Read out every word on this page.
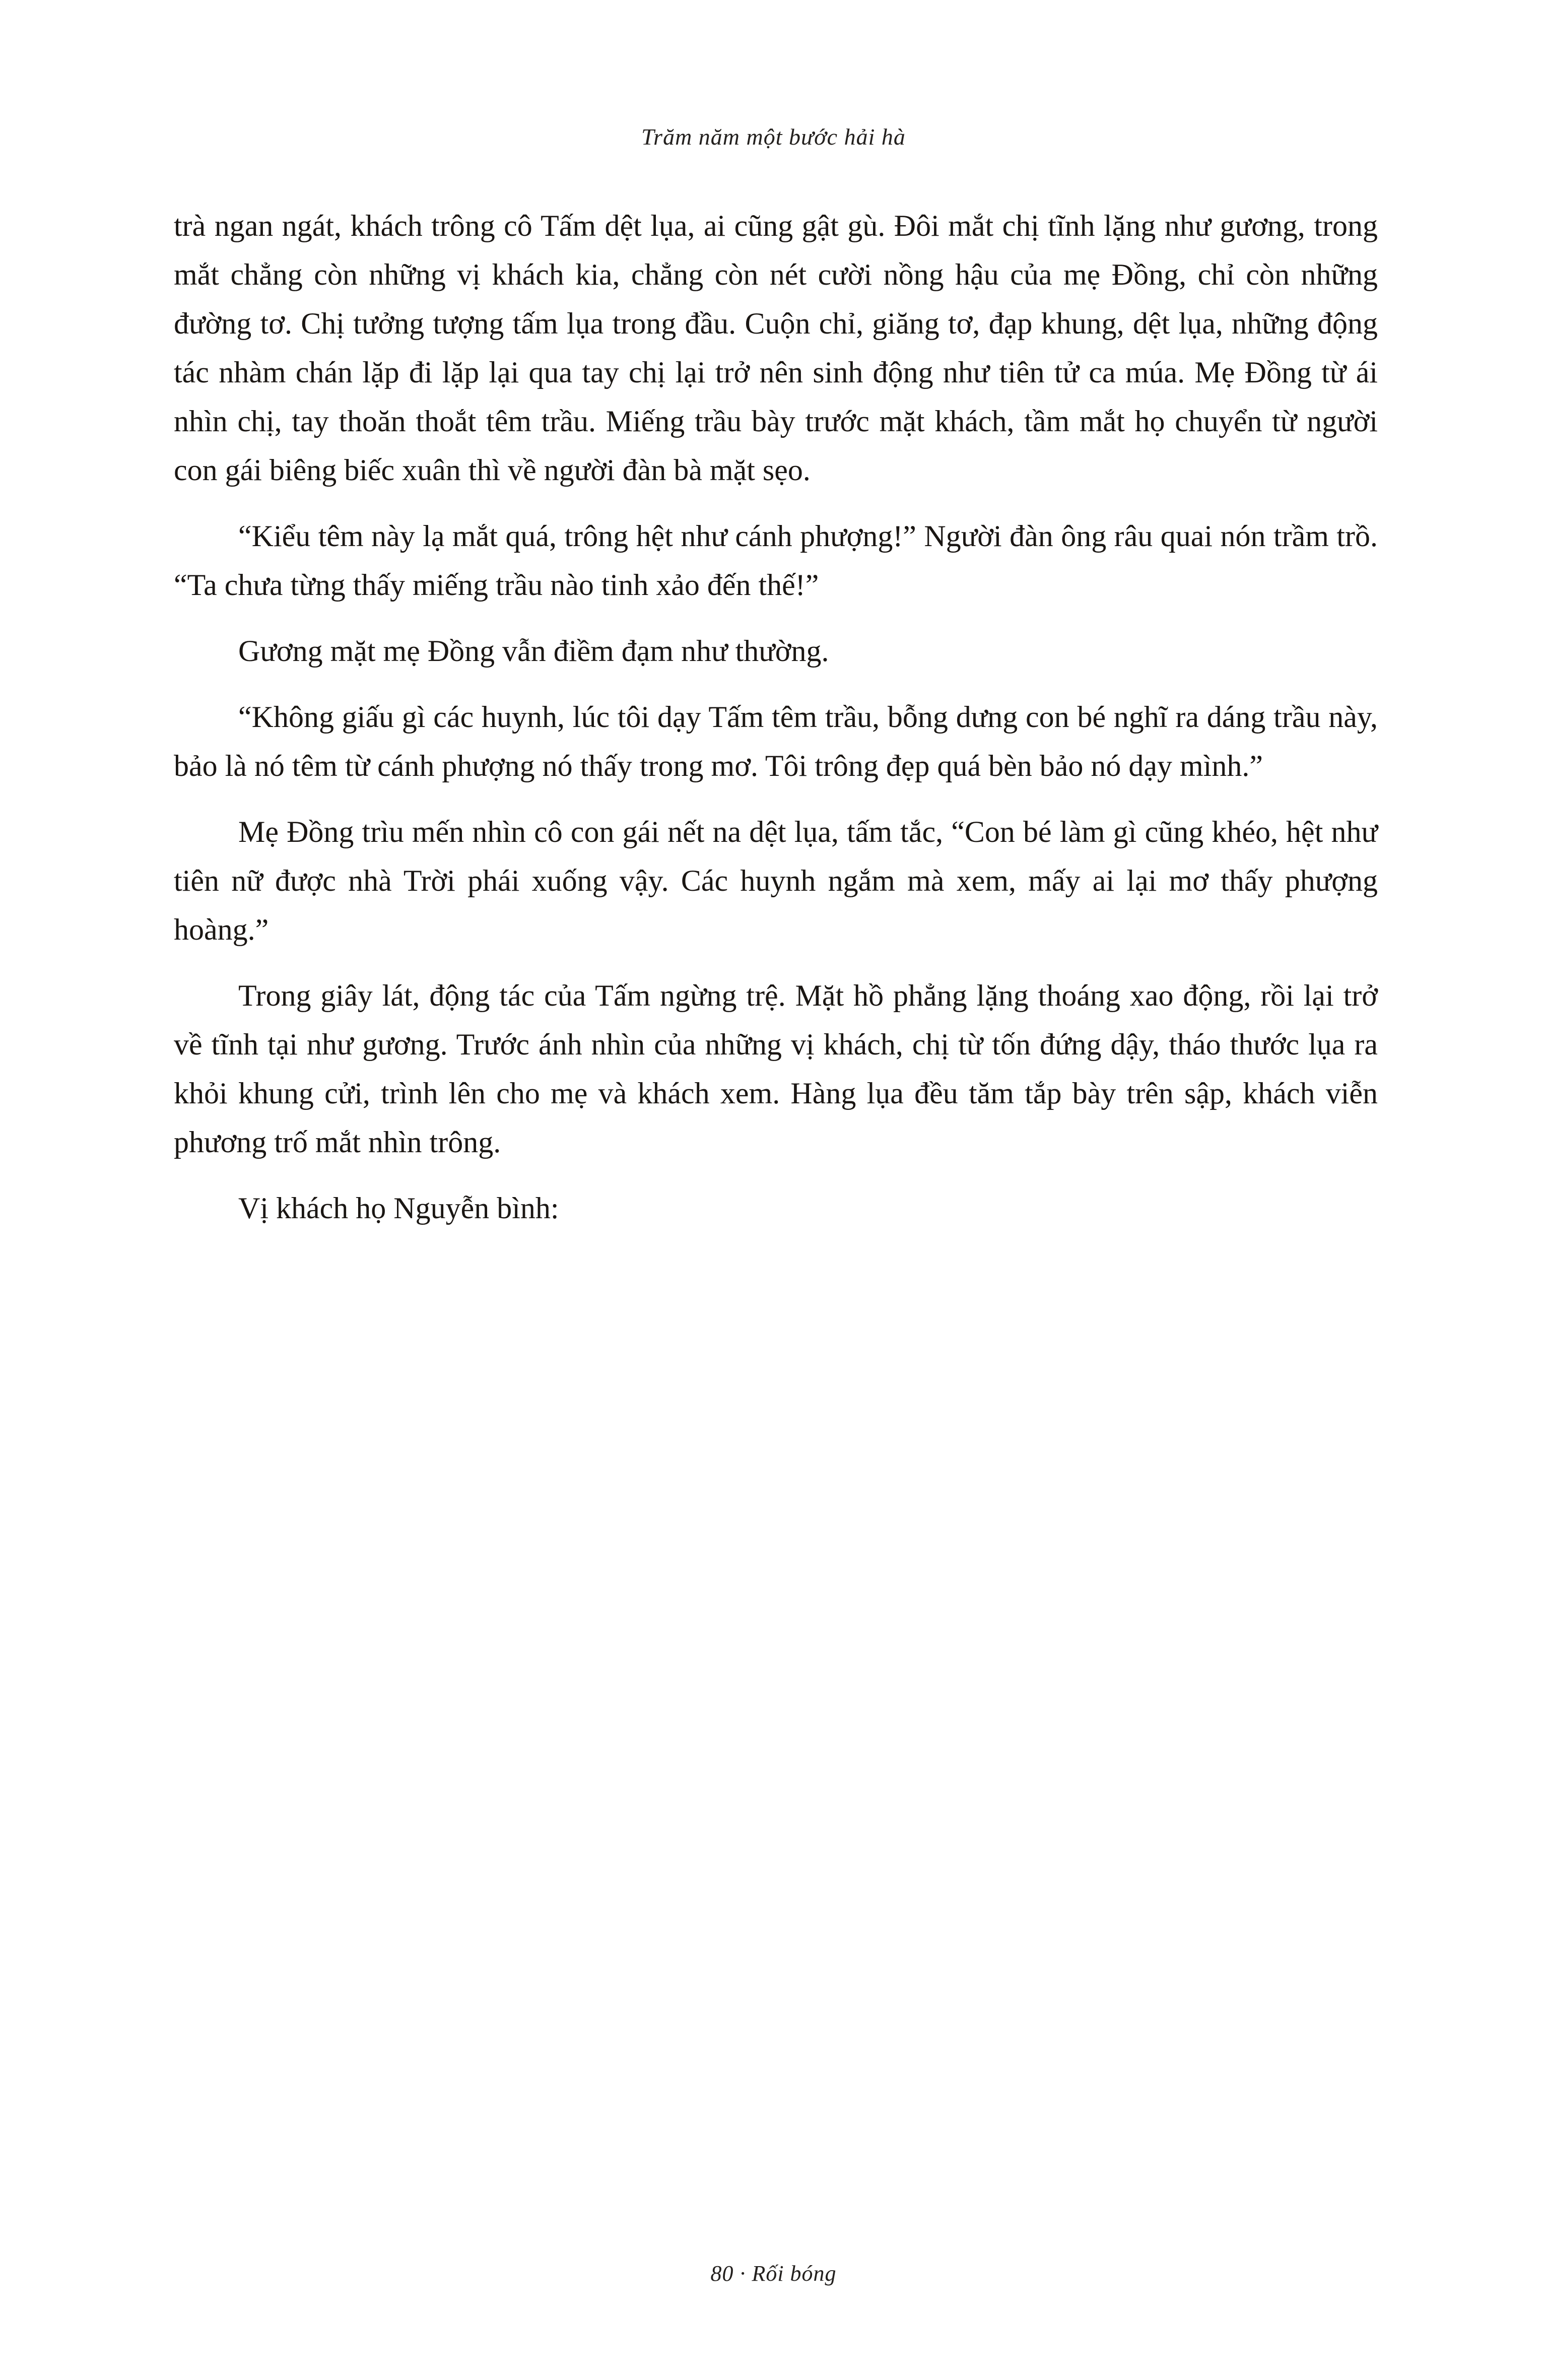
Trăm năm một bước hải hà

trà ngan ngát, khách trông cô Tấm dệt lụa, ai cũng gật gù. Đôi mắt chị tĩnh lặng như gương, trong mắt chẳng còn những vị khách kia, chẳng còn nét cười nồng hậu của mẹ Đồng, chỉ còn những đường tơ. Chị tưởng tượng tấm lụa trong đầu. Cuộn chỉ, giăng tơ, đạp khung, dệt lụa, những động tác nhàm chán lặp đi lặp lại qua tay chị lại trở nên sinh động như tiên tử ca múa. Mẹ Đồng từ ái nhìn chị, tay thoăn thoắt têm trầu. Miếng trầu bày trước mặt khách, tầm mắt họ chuyển từ người con gái biêng biếc xuân thì về người đàn bà mặt sẹo.

“Kiểu têm này lạ mắt quá, trông hệt như cánh phượng!” Người đàn ông râu quai nón trầm trồ. “Ta chưa từng thấy miếng trầu nào tinh xảo đến thế!”

Gương mặt mẹ Đồng vẫn điềm đạm như thường.

“Không giấu gì các huynh, lúc tôi dạy Tấm têm trầu, bỗng dưng con bé nghĩ ra dáng trầu này, bảo là nó têm từ cánh phượng nó thấy trong mơ. Tôi trông đẹp quá bèn bảo nó dạy mình.”

Mẹ Đồng trìu mến nhìn cô con gái nết na dệt lụa, tấm tắc, “Con bé làm gì cũng khéo, hệt như tiên nữ được nhà Trời phái xuống vậy. Các huynh ngắm mà xem, mấy ai lại mơ thấy phượng hoàng.”

Trong giây lát, động tác của Tấm ngừng trệ. Mặt hồ phẳng lặng thoáng xao động, rồi lại trở về tĩnh tại như gương. Trước ánh nhìn của những vị khách, chị từ tốn đứng dậy, tháo thước lụa ra khỏi khung cửi, trình lên cho mẹ và khách xem. Hàng lụa đều tăm tắp bày trên sập, khách viễn phương trố mắt nhìn trông.

Vị khách họ Nguyễn bình:

80 · Rối bóng
